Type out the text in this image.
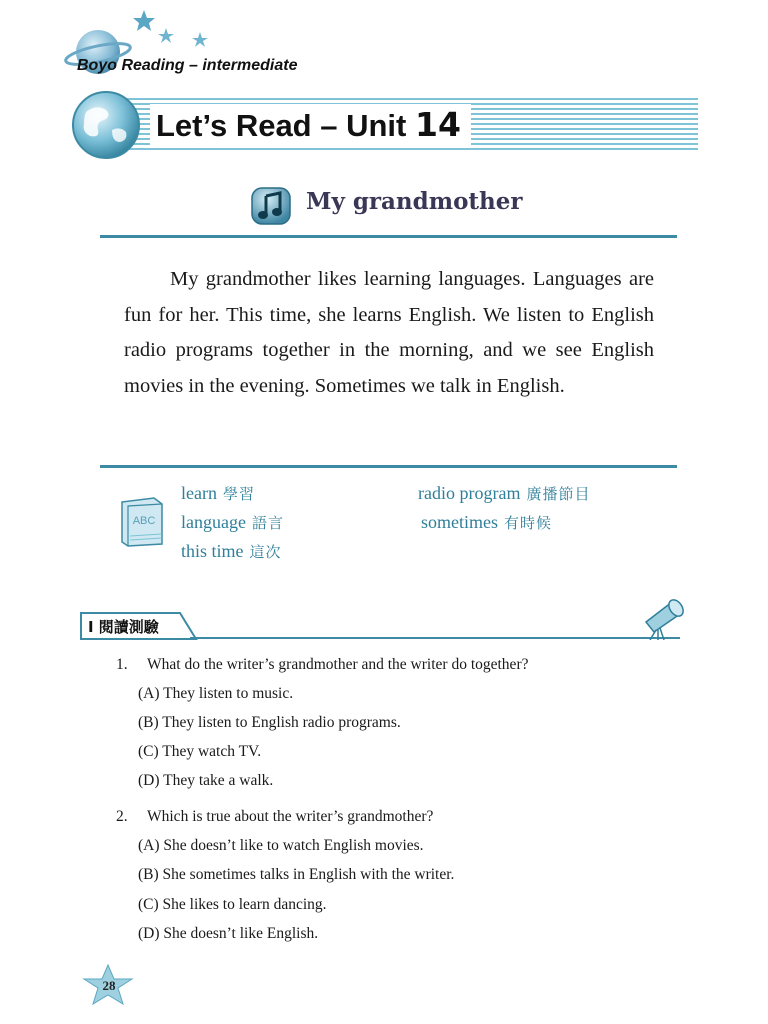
Boyo Reading – intermediate
Let’s Read – Unit 14
My grandmother
My grandmother likes learning languages. Languages are fun for her. This time, she learns English. We listen to English radio programs together in the morning, and we see English movies in the evening. Sometimes we talk in English.
ABC
learn 學習
language 語言
this time 這次
radio program 廣播節目
sometimes 有時候
I 閱讀測驗
1. What do the writer’s grandmother and the writer do together?
(A) They listen to music.
(B) They listen to English radio programs.
(C) They watch TV.
(D) They take a walk.
2. Which is true about the writer’s grandmother?
(A) She doesn’t like to watch English movies.
(B) She sometimes talks in English with the writer.
(C) She likes to learn dancing.
(D) She doesn’t like English.
28
